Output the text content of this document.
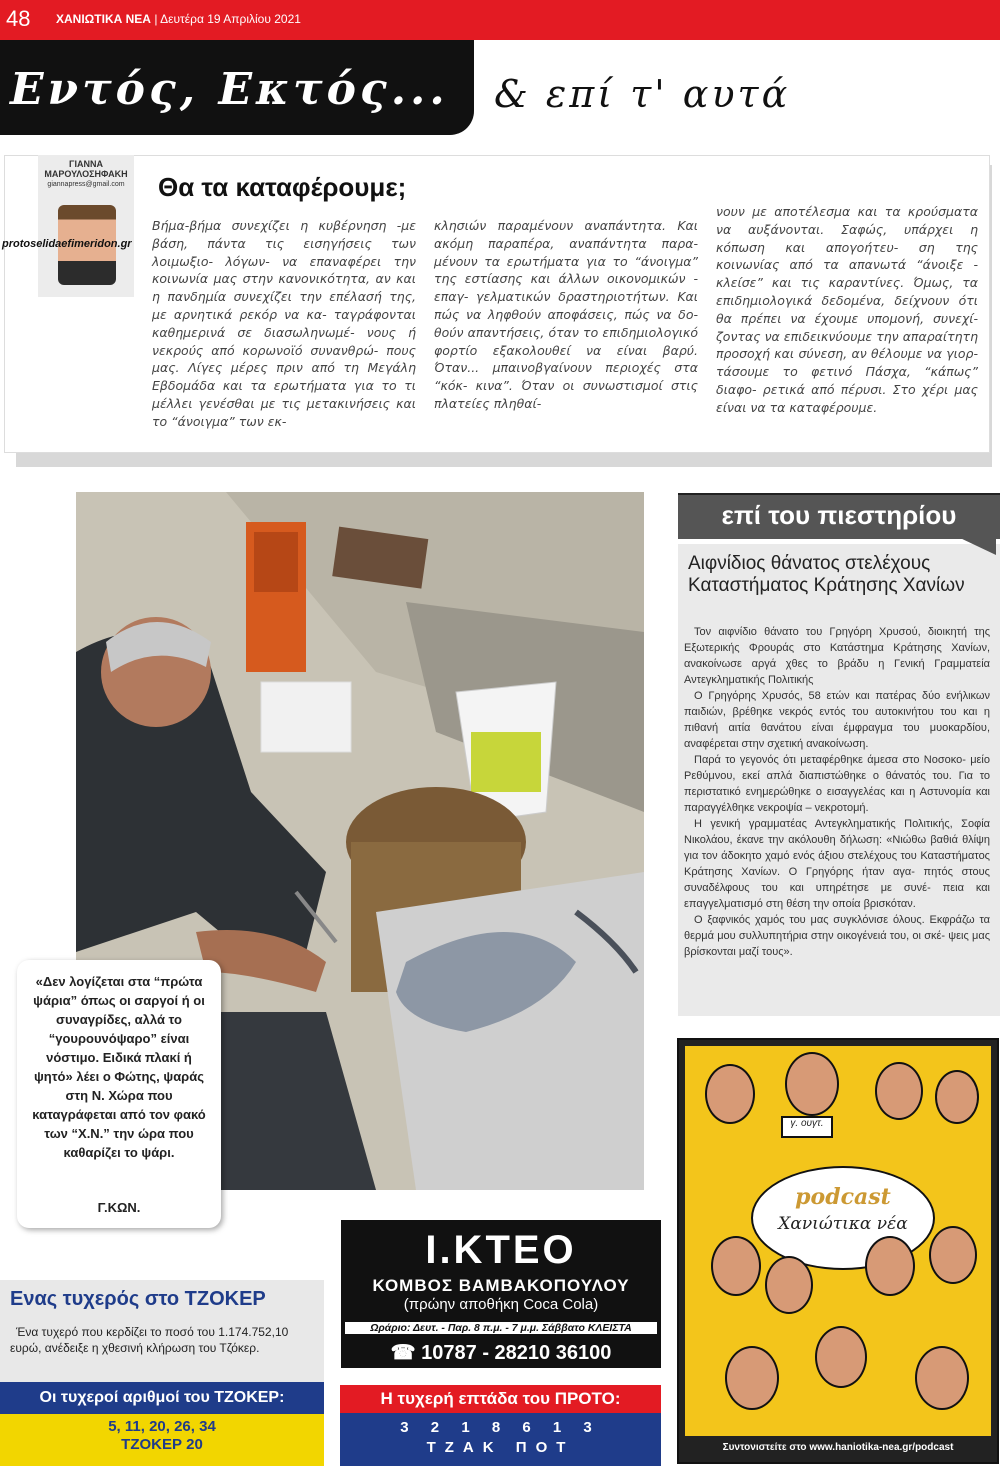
48 ΧΑΝΙΩΤΙΚΑ ΝΕΑ | Δευτέρα 19 Απριλίου 2021
Εντός, Εκτός... & επί τ' αυτά
ΓΙΑΝΝΑ ΜΑΡΟΥΛΟΣΗΦΑΚΗ
giannapress@gmail.com
protoselidaefimeridon.gr
Θα τα καταφέρουμε;
Βήμα-βήμα συνεχίζει η κυβέρνηση -με βάση, πάντα τις εισηγήσεις των λοιμωξιο- λόγων- να επαναφέρει την κοινωνία μας στην κανονικότητα, αν και η πανδημία συνεχίζει την επέλασή της, με αρνητικά ρεκόρ να κα- ταγράφονται καθημερινά σε διασωληνωμέ- νους ή νεκρούς από κορωνοϊό συνανθρώ- πους μας. Λίγες μέρες πριν από τη Μεγάλη Εβδομάδα και τα ερωτήματα για το τι μέλλει γενέσθαι με τις μετακινήσεις και το “άνοιγμα” των εκ-
κλησιών παραμένουν αναπάντητα. Και ακόμη παραπέρα, αναπάντητα παρα- μένουν τα ερωτήματα για το “άνοιγμα” της εστίασης και άλλων οικονομικών - επαγ- γελματικών δραστηριοτήτων. Και πώς να ληφθούν αποφάσεις, πώς να δο- θούν απαντήσεις, όταν το επιδημιολογικό φορτίο εξακολουθεί να είναι βαρύ. Όταν... μπαινοβγαίνουν περιοχές στα “κόκ- κινα”. Όταν οι συνωστισμοί στις πλατείες πληθαί-
νουν με αποτέλεσμα και τα κρούσματα να αυξάνονται. Σαφώς, υπάρχει η κόπωση και απογοήτευ- ση της κοινωνίας από τα απανωτά “άνοιξε - κλείσε” και τις καραντίνες. Όμως, τα επιδημιολογικά δεδομένα, δείχνουν ότι θα πρέπει να έχουμε υπομονή, συνεχί- ζοντας να επιδεικνύουμε την απαραίτητη προσοχή και σύνεση, αν θέλουμε να γιορ- τάσουμε το φετινό Πάσχα, “κάπως” διαφο- ρετικά από πέρυσι. Στο χέρι μας είναι να τα καταφέρουμε.
«Δεν λογίζεται στα “πρώτα ψάρια” όπως οι σαργοί ή οι συναγρίδες, αλλά το “γουρουνόψαρο” είναι νόστιμο. Ειδικά πλακί ή ψητό» λέει ο Φώτης, ψαράς στη Ν. Χώρα που καταγράφεται από τον φακό των “Χ.Ν.” την ώρα που καθαρίζει το ψάρι.
Γ.ΚΩΝ.
επί του πιεστηρίου
Αιφνίδιος θάνατος στελέχους Καταστήματος Κράτησης Χανίων

Τον αιφνίδιο θάνατο του Γρηγόρη Χρυσού, διοικητή της Εξωτερικής Φρουράς στο Κατάστημα Κράτησης Χανίων, ανακοίνωσε αργά χθες το βράδυ η Γενική Γραμματεία Αντεγκληματικής Πολιτικής

Ο Γρηγόρης Χρυσός, 58 ετών και πατέρας δύο ενήλικων παιδιών, βρέθηκε νεκρός εντός του αυτοκινήτου του και η πιθανή αιτία θανάτου είναι έμφραγμα του μυοκαρδίου, αναφέρεται στην σχετική ανακοίνωση.

Παρά το γεγονός ότι μεταφέρθηκε άμεσα στο Νοσοκο- μείο Ρεθύμνου, εκεί απλά διαπιστώθηκε ο θάνατός του. Για το περιστατικό ενημερώθηκε ο εισαγγελέας και η Αστυνομία και παραγγέλθηκε νεκροψία – νεκροτομή.

Η γενική γραμματέας Αντεγκληματικής Πολιτικής, Σοφία Νικολάου, έκανε την ακόλουθη δήλωση: «Νιώθω βαθιά θλίψη για τον άδοκητο χαμό ενός άξιου στελέχους του Καταστήματος Κράτησης Χανίων. Ο Γρηγόρης ήταν αγα- πητός στους συναδέλφους του και υπηρέτησε με συνέ- πεια και επαγγελματισμό στη θέση την οποία βρισκόταν.

Ο ξαφνικός χαμός του μας συγκλόνισε όλους. Εκφράζω τα θερμά μου συλλυπητήρια στην οικογένειά του, οι σκέ- ψεις μας βρίσκονται μαζί τους».

γ. ουγτ.
podcast
Χανιώτικα νέα
Συντονιστείτε στο www.haniotika-nea.gr/podcast
Ενας τυχερός στο ΤΖΟΚΕΡ
Ένα τυχερό που κερδίζει το ποσό του 1.174.752,10 ευρώ, ανέδειξε η χθεσινή κλήρωση του Τζόκερ.
Οι τυχεροί αριθμοί του ΤΖΟΚΕΡ:
5, 11, 20, 26, 34
ΤΖΟΚΕΡ 20
Ι.ΚΤΕΟ
ΚΟΜΒΟΣ ΒΑΜΒΑΚΟΠΟΥΛΟΥ
(πρώην αποθήκη Coca Cola)
Ωράριο: Δευτ. - Παρ. 8 π.μ. - 7 μ.μ. Σάββατο ΚΛΕΙΣΤΑ
☎ 10787 - 28210 36100
Η τυχερή επτάδα του ΠΡΟΤΟ:
3 2 1 8 6 1 3
ΤΖΑΚ ΠΟΤ
